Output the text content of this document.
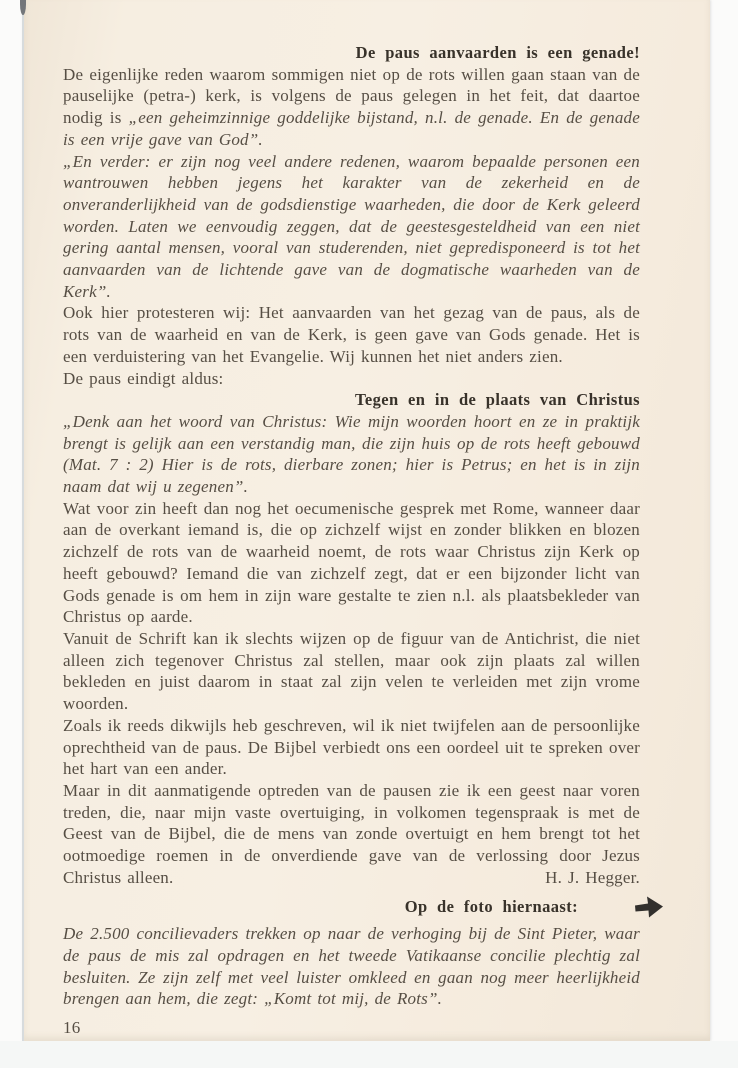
De paus aanvaarden is een genade!

De eigenlijke reden waarom sommigen niet op de rots willen gaan staan van de pauselijke (petra-) kerk, is volgens de paus gelegen in het feit, dat daartoe nodig is „een geheimzinnige goddelijke bijstand, n.l. de genade. En de genade is een vrije gave van God”.

„En verder: er zijn nog veel andere redenen, waarom bepaalde personen een wantrouwen hebben jegens het karakter van de zekerheid en de onveranderlijkheid van de godsdienstige waarheden, die door de Kerk geleerd worden. Laten we eenvoudig zeggen, dat de geestesgesteldheid van een niet gering aantal mensen, vooral van studerenden, niet gepredisponeerd is tot het aanvaarden van de lichtende gave van de dogmatische waarheden van de Kerk”.

Ook hier protesteren wij: Het aanvaarden van het gezag van de paus, als de rots van de waarheid en van de Kerk, is geen gave van Gods genade. Het is een verduistering van het Evangelie. Wij kunnen het niet anders zien.

De paus eindigt aldus:

Tegen en in de plaats van Christus

„Denk aan het woord van Christus: Wie mijn woorden hoort en ze in praktijk brengt is gelijk aan een verstandig man, die zijn huis op de rots heeft gebouwd (Mat. 7 : 2) Hier is de rots, dierbare zonen; hier is Petrus; en het is in zijn naam dat wij u zegenen”.

Wat voor zin heeft dan nog het oecumenische gesprek met Rome, wanneer daar aan de overkant iemand is, die op zichzelf wijst en zonder blikken en blozen zichzelf de rots van de waarheid noemt, de rots waar Christus zijn Kerk op heeft gebouwd? Iemand die van zichzelf zegt, dat er een bijzonder licht van Gods genade is om hem in zijn ware gestalte te zien n.l. als plaatsbekleder van Christus op aarde.

Vanuit de Schrift kan ik slechts wijzen op de figuur van de Antichrist, die niet alleen zich tegenover Christus zal stellen, maar ook zijn plaats zal willen bekleden en juist daarom in staat zal zijn velen te verleiden met zijn vrome woorden.

Zoals ik reeds dikwijls heb geschreven, wil ik niet twijfelen aan de persoonlijke oprechtheid van de paus. De Bijbel verbiedt ons een oordeel uit te spreken over het hart van een ander.

Maar in dit aanmatigende optreden van de pausen zie ik een geest naar voren treden, die, naar mijn vaste overtuiging, in volkomen tegenspraak is met de Geest van de Bijbel, die de mens van zonde overtuigt en hem brengt tot het ootmoedige roemen in de onverdiende gave van de verlossing door Jezus Christus alleen.	H. J. Hegger.

Op de foto hiernaast:

De 2.500 concilievaders trekken op naar de verhoging bij de Sint Pieter, waar de paus de mis zal opdragen en het tweede Vatikaanse concilie plechtig zal besluiten. Ze zijn zelf met veel luister omkleed en gaan nog meer heerlijkheid brengen aan hem, die zegt: „Komt tot mij, de Rots”.

16
